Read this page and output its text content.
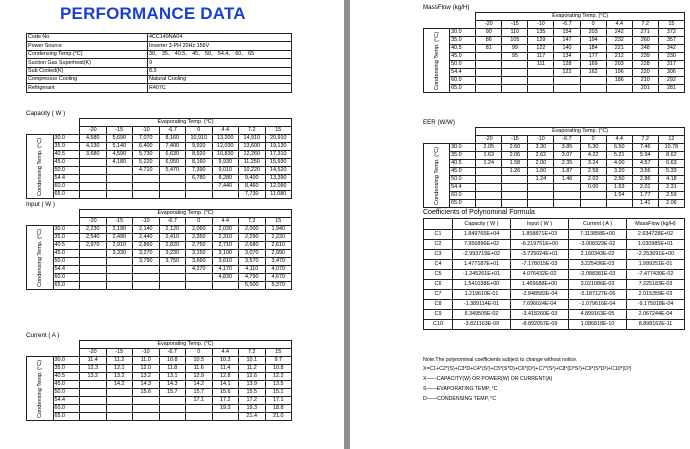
PERFORMANCE DATA
Code No.	4CC149NA04
Power Source	Inverter 3-PH 20Hz 156V
Condensing Temp.(°C)	30、 35、 40.5、 45、 50、 54.4、 60、 65
Suction Gas Superheat(K)	9
Sub Cooled(K)	8.3
Compressor Cooling	Natural Cooling
Refrigerant	R407C
Capacity ( W )
		Evaporating Temp. (°C)							
		-20	-15	-10	-6.7	0	4.4	7.2	15
Condensing Temp. (°C)	30.0	4,580	5,690	7,070	8,160	10,910	13,200	14,910	20,910
	35.0	4,130	5,140	6,400	7,400	9,920	12,030	13,600	19,130
	40.5	3,680	4,590	5,730	6,630	8,920	10,830	12,260	17,310
	45.0		4,180	5,220	6,050	8,160	9,930	11,250	15,930
	50.0			4,710	5,470	7,390	9,010	10,220	14,520
	54.4					6,780	8,280	9,400	13,390
	60.0						7,440	8,460	12,090
	65.0							7,730	11,080
Input ( W )
		Evaporating Temp. (°C)							
		-20	-15	-10	-6.7	0	4.4	7.2	15
Condensing Temp. (°C)	30.0	2,230	2,190	2,140	2,120	2,060	2,030	2,000	1,940
	35.0	2,540	2,490	2,440	2,410	2,350	2,310	2,290	2,220
	40.5	2,970	2,910	2,860	2,820	2,750	2,710	2,680	2,610
	45.0		3,330	3,270	3,230	3,150	3,100	3,070	2,990
	50.0			3,790	3,750	3,660	3,610	3,570	3,470
	54.4					4,270	4,170	4,110	4,070
	60.0						4,830	4,790	4,670
	65.0							5,500	5,370
Current ( A )
		Evaporating Temp. (°C)							
		-20	-15	-10	-6.7	0	4.4	7.2	15
Condensing Temp. (°C)	30.0	11.4	11.2	11.0	10.8	10.5	10.3	10.1	9.7
	35.0	12.3	12.1	12.0	11.8	11.6	11.4	11.2	10.8
	40.5	13.2	13.2	13.2	13.1	12.9	12.8	12.6	12.2
	45.0		14.2	14.3	14.3	14.2	14.1	13.9	13.5
	50.0			15.6	15.7	15.7	15.6	15.5	15.1
	54.4					17.1	17.2	17.2	17.1
	60.0						19.3	19.3	18.8
	65.0							21.4	21.0
MassFlow (kg/H)
		Evaporating Temp. (°C)							
		-20	-15	-10	-6.7	0	4.4	7.2	15
Condensing Temp. (°C)	30.0	90	110	135	154	203	242	271	372
	35.0	86	105	129	147	194	232	260	357
	40.5	81	99	122	140	184	221	248	342
	45.0		95	117	134	177	212	239	330
	50.0			111	128	169	203	228	317
	54.4				122	162	196	220	306
	60.0						186	210	292
	65.0							201	281
EER (W/W)
		Evaporating Temp. (°C)							
		-20	-15	-10	-6.7	0	4.4	7.2	12
Condensing Temp. (°C)	30.0	2.05	2.60	3.30	3.85	5.30	6.50	7.46	10.78
	35.0	1.63	2.06	2.62	3.07	4.22	5.21	5.94	8.62
	40.5	1.24	1.58	2.00	2.35	3.24	4.00	4.57	6.63
	45.0		1.26	1.60	1.87	2.59	3.20	3.66	5.33
	50.0			1.24	1.46	2.02	2.50	2.86	4.18
	54.4					0.00	1.63	2.01	2.31
	60.0						1.54	1.77	2.59
	65.0							1.41	2.06
Coefficients of Polynominal Formula
	Capacity ( W )	Input ( W )	Current ( A )	MassFlow (kg/H)
C1	1.849765E+04	1.858871E+03	7.113858E+00	2.634728E+02
C2	7.956896E+02	-6.219751E+00	-3.008329E-02	1.030985E+01
C3	-2.993719E+02	-3.725024E+01	2.160343E-02	-2.253691E+00
C4	1.477187E+01	-7.178015E-03	3.225436E-03	1.999251E-01
C5	-1.245261E+01	4.076432E-02	-2.088381E-03	-7.477430E-02
C6	1.541038E+00	1.465688E+00	3.021086E-03	7.225183E-03
C7	1.219610E-01	-2.848582E-04	-5.187127E-06	2.015359E-03
C8	-1.389114E-01	7.696024E-04	-1.079616E-04	-9.175018E-04
C9	6.349505E-02	-3.418260E-03	4.899163E-05	2.067244E-04
C10	-3.821163E-09	-8.892057E-09	1.086818E-10	8.898162E-11
Note:The polynominal coefficients subject to change without notice.
X=C1+C2*(S)+C3*D+C4*(S²)+C5*(S*D)+C6*(D²)+C7*(S³)+C8*(D*S²)+C9*(S*D²)+C10*(D³)
X——CAPACITY(W) OR POWER(W) OR CURRENT(A)
S——EVAPORATING TEMP, °C
D——CONDENSING TEMP, °C
